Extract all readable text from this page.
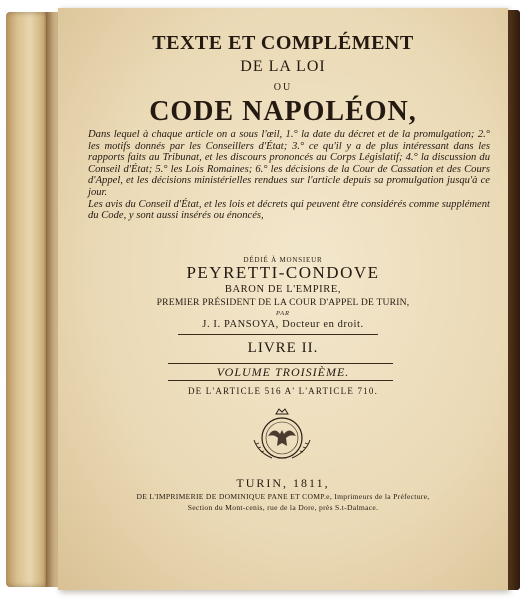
TEXTE ET COMPLÉMENT
DE LA LOI
OU
CODE NAPOLÉON,

Dans lequel à chaque article on a sous l'œil, 1.° la date du décret et de la promulgation; 2.° les motifs donnés par les Conseillers d'État; 3.° ce qu'il y a de plus intéressant dans les rapports faits au Tribunat, et les discours prononcés au Corps Législatif; 4.° la discussion du Conseil d'État; 5.° les Lois Romaines; 6.° les décisions de la Cour de Cassation et des Cours d'Appel, et les décisions ministérielles rendues sur l'article depuis sa promulgation jusqu'à ce jour.

Les avis du Conseil d'État, et les lois et décrets qui peuvent être considérés comme supplément du Code, y sont aussi insérés ou énoncés,

DÉDIÉ À MONSIEUR
PEYRETTI-CONDOVE
BARON DE L'EMPIRE,
PREMIER PRÉSIDENT DE LA COUR D'APPEL DE TURIN,
PAR
J. I. PANSOYA, Docteur en droit.
LIVRE II.
VOLUME TROISIÈME.
DE L'ARTICLE 516 A' L'ARTICLE 710.
TURIN, 1811,
DE L'IMPRIMERIE DE DOMINIQUE PANE ET COMP.e, Imprimeurs de la Préfecture,
Section du Mont-cenis, rue de la Dore, près S.t-Dalmace.
